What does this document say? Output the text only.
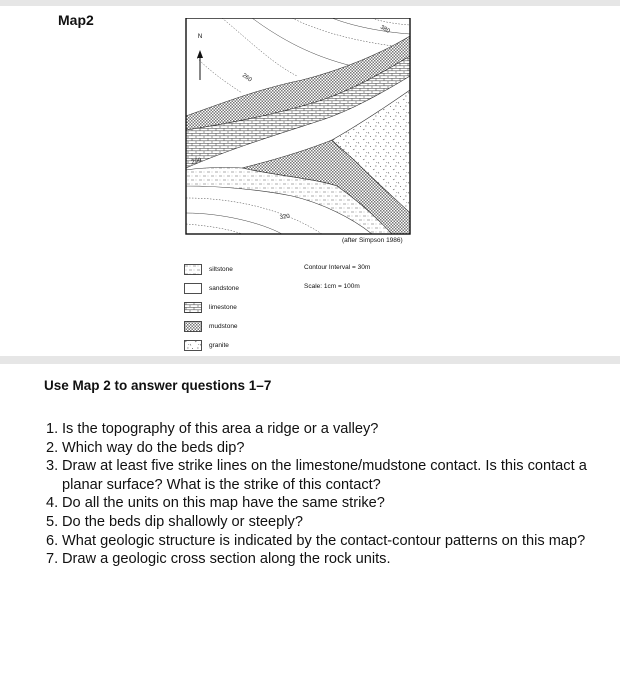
Map2
N
380
260
290
320
(after Simpson 1986)
siltstone
sandstone
limestone
mudstone
granite
Contour Interval = 30m
Scale: 1cm = 100m
Use Map 2 to answer questions 1–7
1. Is the topography of this area a ridge or a valley?
2. Which way do the beds dip?
3. Draw at least five strike lines on the limestone/mudstone contact. Is this contact a planar surface? What is the strike of this contact?
4. Do all the units on this map have the same strike?
5. Do the beds dip shallowly or steeply?
6. What geologic structure is indicated by the contact-contour patterns on this map?
7. Draw a geologic cross section along the rock units.
